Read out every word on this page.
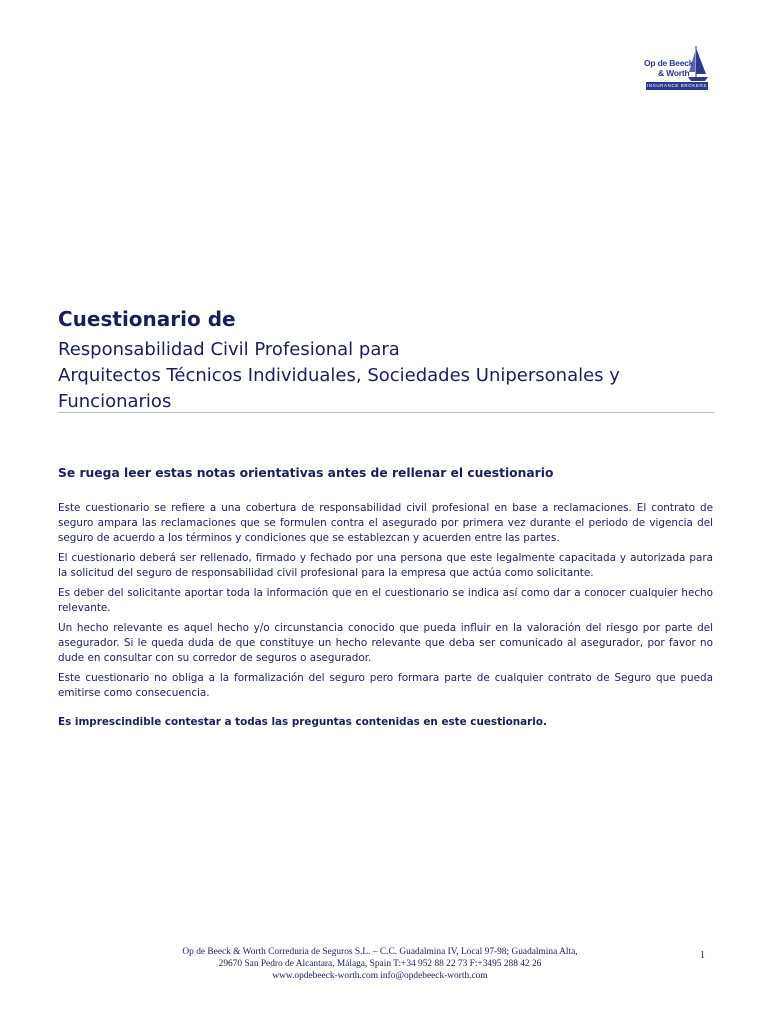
Op de Beeck
& Worth
INSURANCE BROKERS
Cuestionario de
Responsabilidad Civil Profesional para
Arquitectos Técnicos Individuales, Sociedades Unipersonales y
Funcionarios
Se ruega leer estas notas orientativas antes de rellenar el cuestionario

Este cuestionario se refiere a una cobertura de responsabilidad civil profesional en base a reclamaciones. El contrato de seguro ampara las reclamaciones que se formulen contra el asegurado por primera vez durante el periodo de vigencia del seguro de acuerdo a los términos y condiciones que se establezcan y acuerden entre las partes.

El cuestionario deberá ser rellenado, firmado y fechado por una persona que este legalmente capacitada y autorizada para la solicitud del seguro de responsabilidad civil profesional para la empresa que actúa como solicitante.

Es deber del solicitante aportar toda la información que en el cuestionario se indica así como dar a conocer cualquier hecho relevante.

Un hecho relevante es aquel hecho y/o circunstancia conocido que pueda influir en la valoración del riesgo por parte del asegurador. Si le queda duda de que constituye un hecho relevante que deba ser comunicado al asegurador, por favor no dude en consultar con su corredor de seguros o asegurador.

Este cuestionario no obliga a la formalización del seguro pero formara parte de cualquier contrato de Seguro que pueda emitirse como consecuencia.

Es imprescindible contestar a todas las preguntas contenidas en este cuestionario.

Op de Beeck & Worth Correduria de Seguros S.L. – C.C. Guadalmina IV, Local 97-98; Guadalmina Alta,
29670 San Pedro de Alcantara, Málaga, Spain T:+34 952 88 22 73 F:+3495 288 42 26
www.opdebeeck-worth.com info@opdebeeck-worth.com
1
